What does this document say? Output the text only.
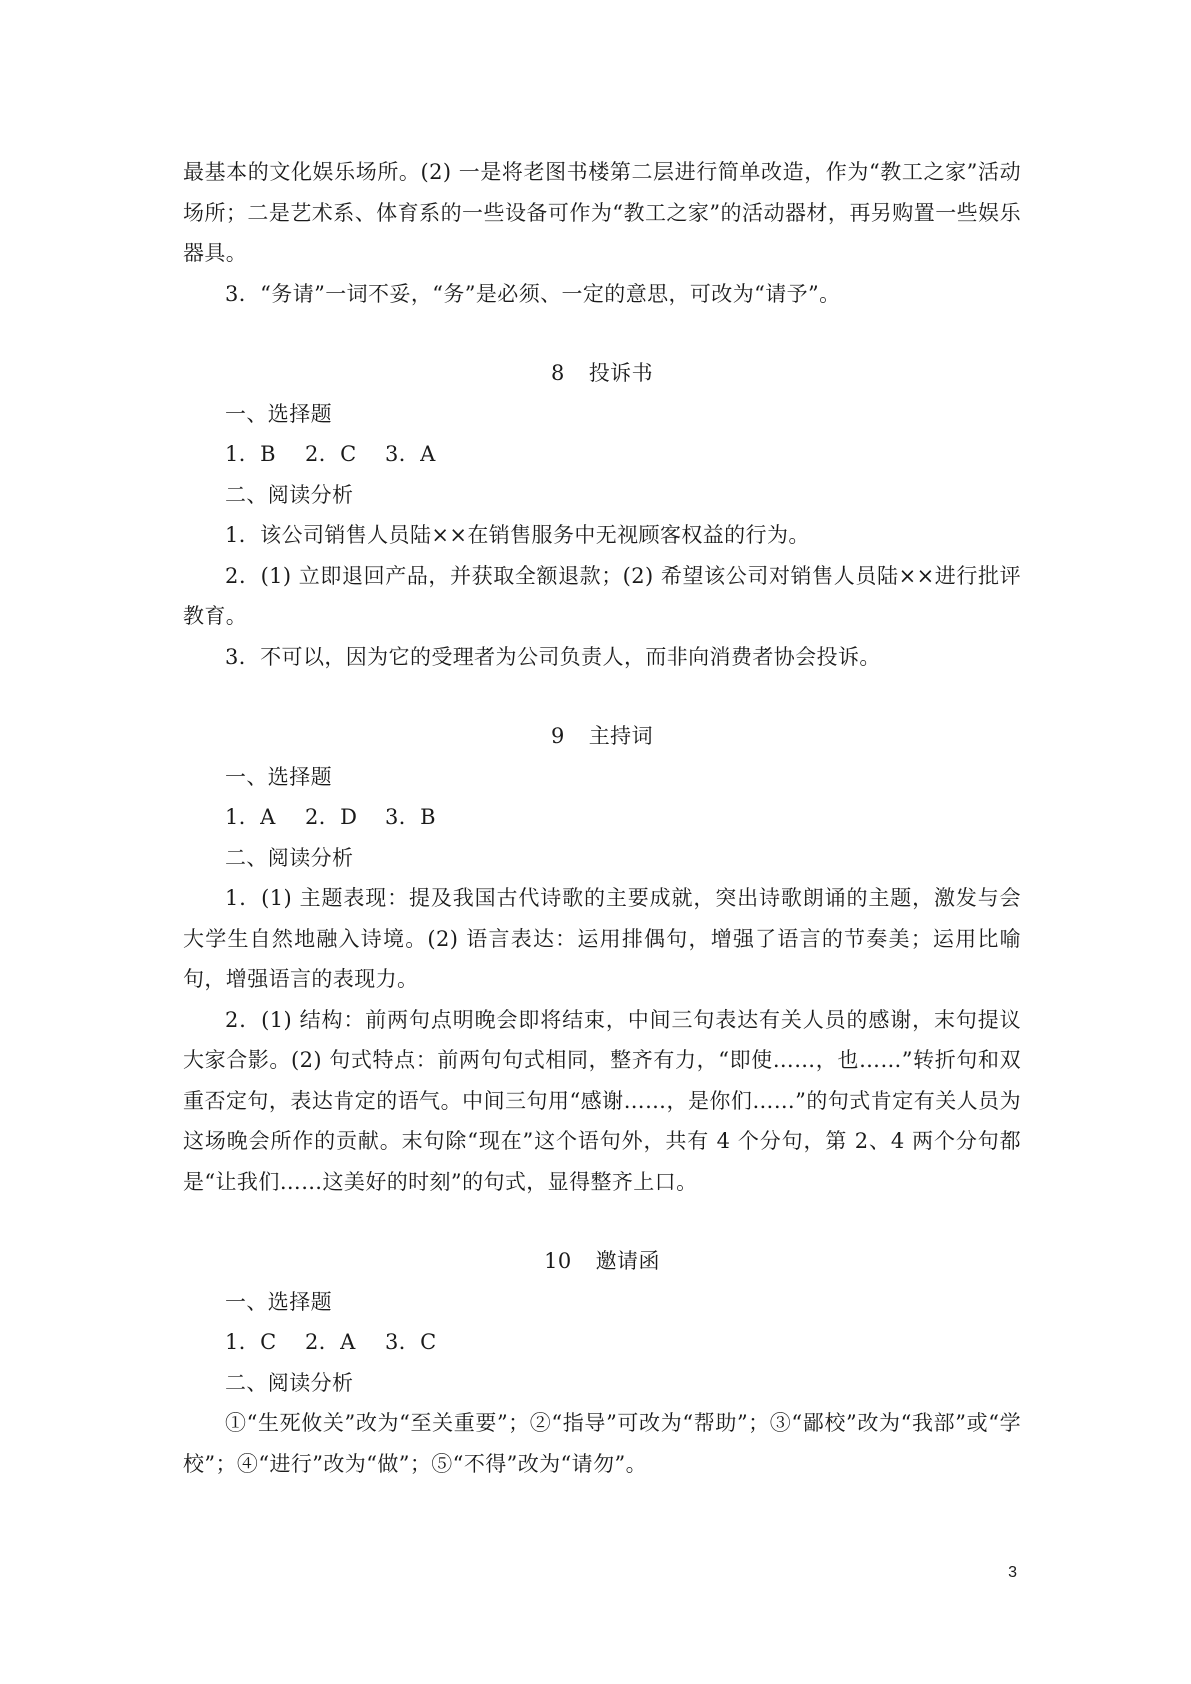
最基本的文化娱乐场所。(2) 一是将老图书楼第二层进行简单改造，作为“教工之家”活动场所；二是艺术系、体育系的一些设备可作为“教工之家”的活动器材，再另购置一些娱乐器具。

3．“务请”一词不妥，“务”是必须、一定的意思，可改为“请予”。

8 投诉书

一、选择题

1．B 2．C 3．A

二、阅读分析

1．该公司销售人员陆××在销售服务中无视顾客权益的行为。

2．(1) 立即退回产品，并获取全额退款；(2) 希望该公司对销售人员陆××进行批评教育。

3．不可以，因为它的受理者为公司负责人，而非向消费者协会投诉。

9 主持词

一、选择题

1．A 2．D 3．B

二、阅读分析

1．(1) 主题表现：提及我国古代诗歌的主要成就，突出诗歌朗诵的主题，激发与会大学生自然地融入诗境。(2) 语言表达：运用排偶句，增强了语言的节奏美；运用比喻句，增强语言的表现力。

2．(1) 结构：前两句点明晚会即将结束，中间三句表达有关人员的感谢，末句提议大家合影。(2) 句式特点：前两句句式相同，整齐有力，“即使……，也……”转折句和双重否定句，表达肯定的语气。中间三句用“感谢……，是你们……”的句式肯定有关人员为这场晚会所作的贡献。末句除“现在”这个语句外，共有 4 个分句，第 2、4 两个分句都是“让我们……这美好的时刻”的句式，显得整齐上口。

10 邀请函

一、选择题

1．C 2．A 3．C

二、阅读分析

①“生死攸关”改为“至关重要”；②“指导”可改为“帮助”；③“鄙校”改为“我部”或“学校”；④“进行”改为“做”；⑤“不得”改为“请勿”。

3
